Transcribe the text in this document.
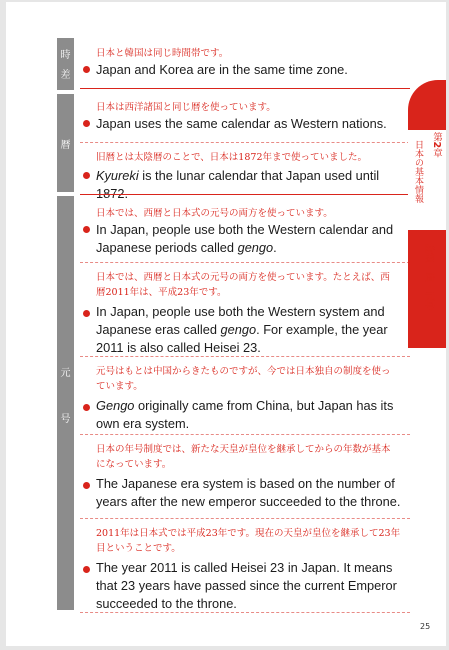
時
差
暦
元
号
日本と韓国は同じ時間帯です。
Japan and Korea are in the same time zone.
日本は西洋諸国と同じ暦を使っています。
Japan uses the same calendar as Western nations.
旧暦とは太陰暦のことで、日本は1872年まで使っていました。
Kyureki is the lunar calendar that Japan used until 1872.
日本では、西暦と日本式の元号の両方を使っています。
In Japan, people use both the Western calendar and Japanese periods called gengo.
日本では、西暦と日本式の元号の両方を使っています。たとえば、西
暦2011年は、平成23年です。
In Japan, people use both the Western system and Japanese eras called gengo. For example, the year 2011 is also called Heisei 23.
元号はもとは中国からきたものですが、今では日本独自の制度を使っ
ています。
Gengo originally came from China, but Japan has its own era system.
日本の年号制度では、新たな天皇が皇位を継承してからの年数が基本
になっています。
The Japanese era system is based on the number of years after the new emperor succeeded to the throne.
2011年は日本式では平成23年です。現在の天皇が皇位を継承して23年
目ということです。
The year 2011 is called Heisei 23 in Japan. It means that 23 years have passed since the current Emperor succeeded to the throne.
日本の基本情報
第2章
時差・暦・元号
25
